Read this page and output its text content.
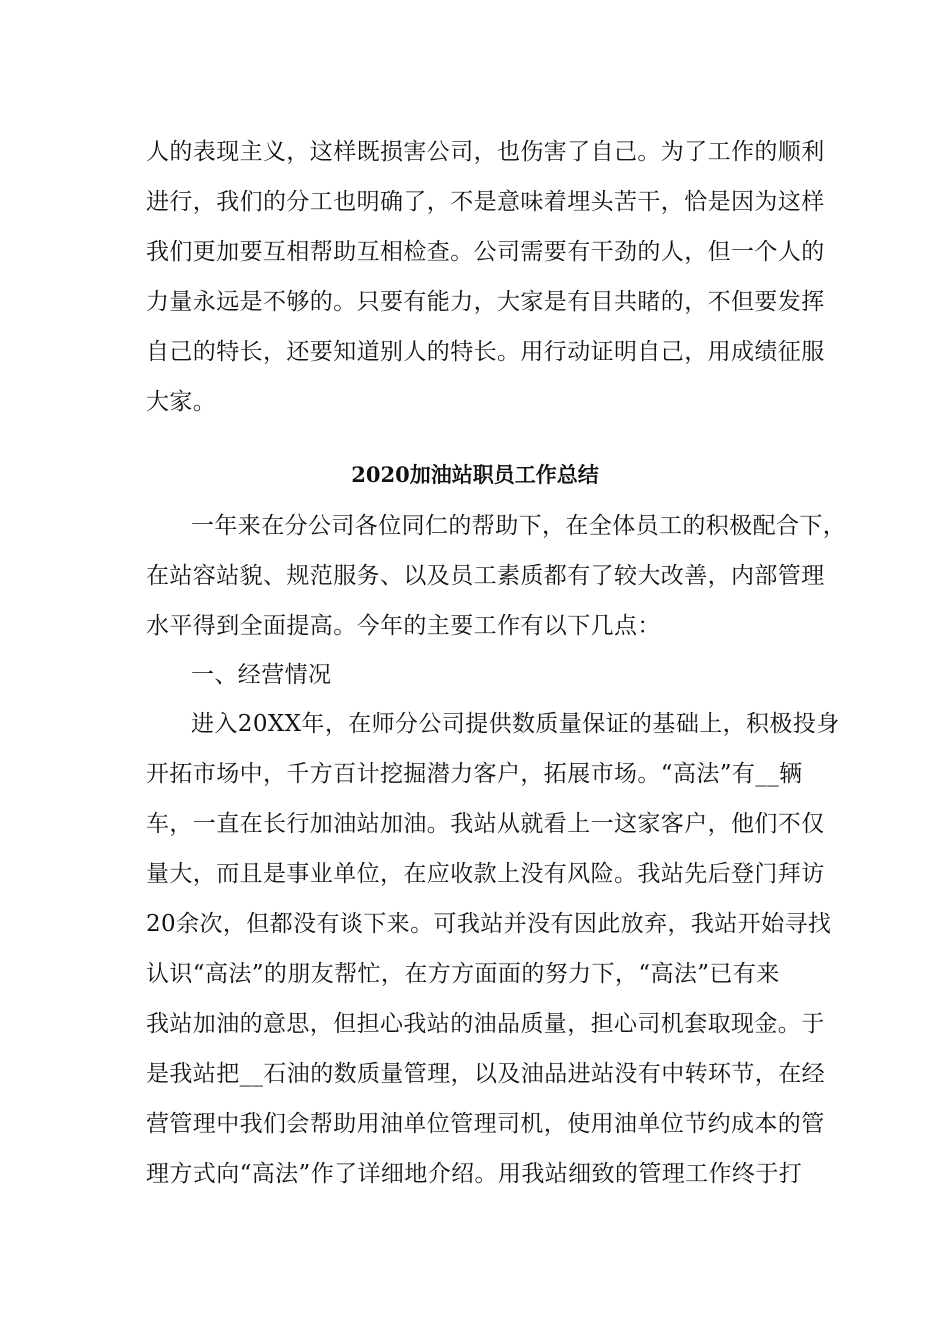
人的表现主义，这样既损害公司，也伤害了自己。为了工作的顺利
进行，我们的分工也明确了，不是意味着埋头苦干，恰是因为这样
我们更加要互相帮助互相检查。公司需要有干劲的人，但一个人的
力量永远是不够的。只要有能力，大家是有目共睹的，不但要发挥
自己的特长，还要知道别人的特长。用行动证明自己，用成绩征服
大家。
2020加油站职员工作总结
一年来在分公司各位同仁的帮助下，在全体员工的积极配合下，
在站容站貌、规范服务、以及员工素质都有了较大改善，内部管理
水平得到全面提高。今年的主要工作有以下几点：
一、经营情况
进入20XX年，在师分公司提供数质量保证的基础上，积极投身
开拓市场中，千方百计挖掘潜力客户，拓展市场。“高法”有__辆
车，一直在长行加油站加油。我站从就看上一这家客户，他们不仅
量大，而且是事业单位，在应收款上没有风险。我站先后登门拜访
20余次，但都没有谈下来。可我站并没有因此放弃，我站开始寻找
认识“高法”的朋友帮忙，在方方面面的努力下，“高法”已有来
我站加油的意思，但担心我站的油品质量，担心司机套取现金。于
是我站把__石油的数质量管理，以及油品进站没有中转环节，在经
营管理中我们会帮助用油单位管理司机，使用油单位节约成本的管
理方式向“高法”作了详细地介绍。用我站细致的管理工作终于打
